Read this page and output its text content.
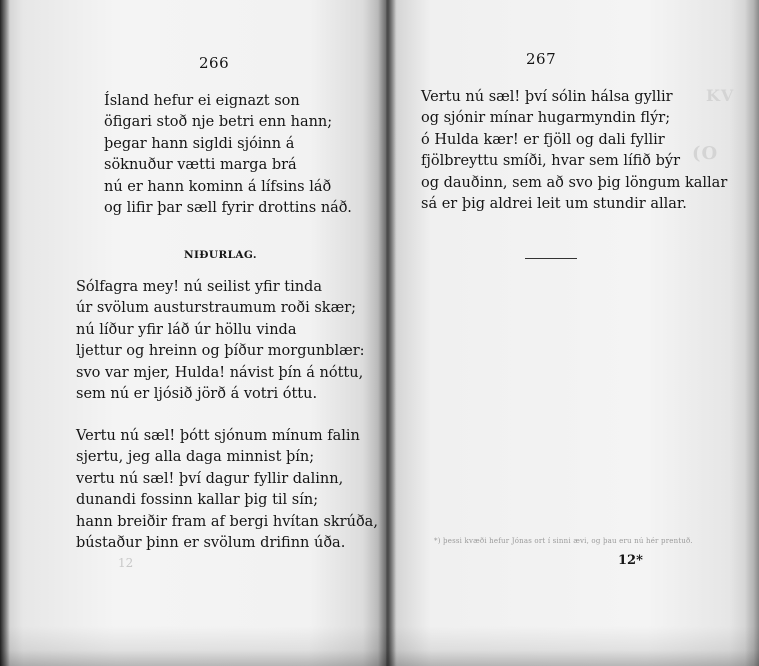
266
Ísland hefur ei eignazt son
öfigari stoð nje betri enn hann;
þegar hann sigldi sjóinn á
söknuður vætti marga brá
nú er hann kominn á lífsins láð
og lifir þar sæll fyrir drottins náð.
NIÐURLAG.
Sólfagra mey! nú seilist yfir tinda
úr svölum austurstraumum roði skær;
nú líður yfir láð úr höllu vinda
ljettur og hreinn og þíður morgunblær:
svo var mjer, Hulda! návist þín á nóttu,
sem nú er ljósið jörð á votri óttu.
Vertu nú sæl! þótt sjónum mínum falin
sjertu, jeg alla daga minnist þín;
vertu nú sæl! því dagur fyllir dalinn,
dunandi fossinn kallar þig til sín;
hann breiðir fram af bergi hvítan skrúða,
bústaður þinn er svölum drifinn úða.
12
267
KV
(O
Vertu nú sæl! því sólin hálsa gyllir
og sjónir mínar hugarmyndin flýr;
ó Hulda kær! er fjöll og dali fyllir
fjölbreyttu smíði, hvar sem lífið býr
og dauðinn, sem að svo þig löngum kallar
sá er þig aldrei leit um stundir allar.
*) þessi kvæði hefur Jónas ort í sinni ævi, og þau eru nú hér prentuð.
12*
